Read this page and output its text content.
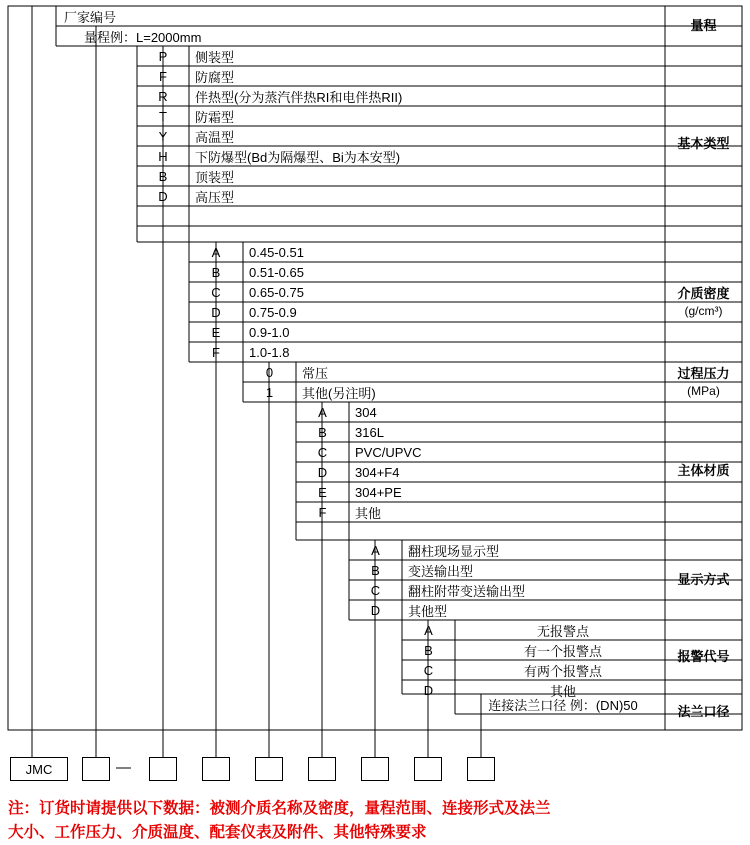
厂家编号
量程例：L=2000mm
量程
P	侧装型
F	防腐型
R	伴热型(分为蒸汽伴热RI和电伴热RII)
T	防霜型
Y	高温型
H	下防爆型(Bd为隔爆型、Bi为本安型)
B	顶装型
D	高压型
基本类型
A	0.45-0.51
B	0.51-0.65
C	0.65-0.75
D	0.75-0.9
E	0.9-1.0
F	1.0-1.8
介质密度
(g/cm³)
0	常压
1	其他(另注明)
过程压力
(MPa)
A	304
B	316L
C	PVC/UPVC
D	304+F4
E	304+PE
F	其他
主体材质
A	翻柱现场显示型
B	变送输出型
C	翻柱附带变送输出型
D	其他型
显示方式
A	无报警点
B	有一个报警点
C	有两个报警点
D	其他
报警代号
连接法兰口径 例：(DN)50	法兰口径
JMC	—
注：订货时请提供以下数据：被测介质名称及密度，量程范围、连接形式及法兰
大小、工作压力、介质温度、配套仪表及附件、其他特殊要求
